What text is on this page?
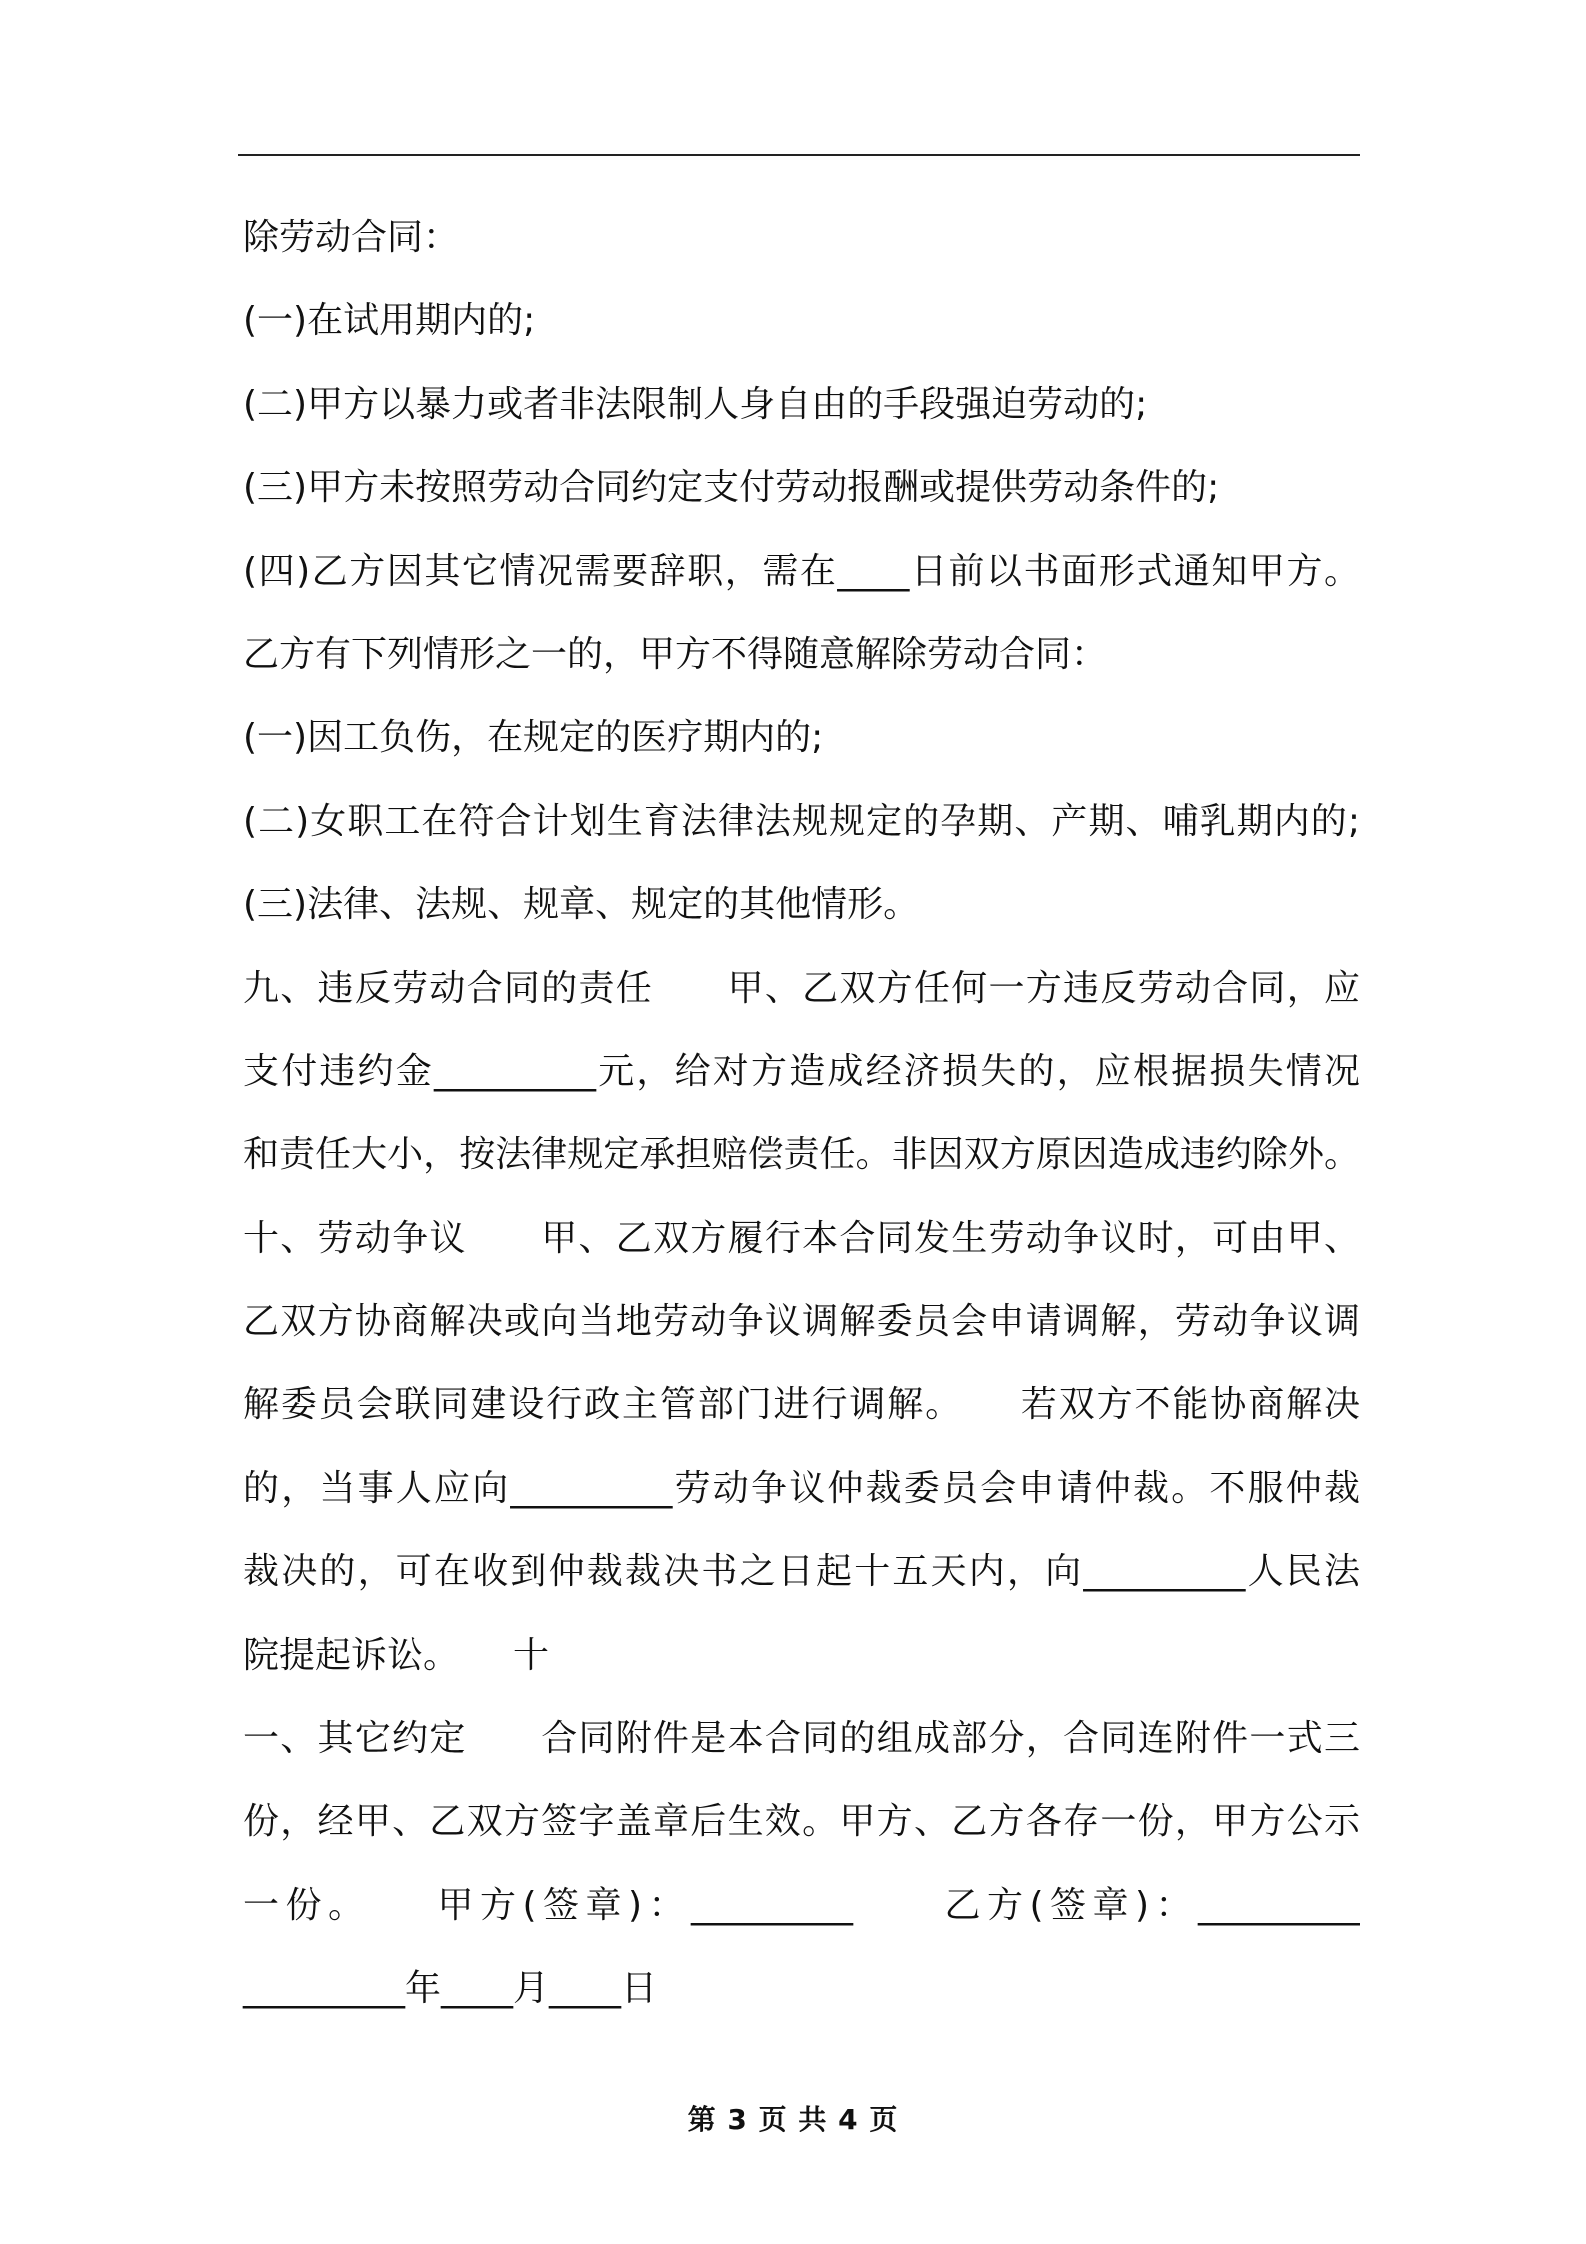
除劳动合同：
(一)在试用期内的;
(二)甲方以暴力或者非法限制人身自由的手段强迫劳动的;
(三)甲方未按照劳动合同约定支付劳动报酬或提供劳动条件的;
(四)乙方因其它情况需要辞职，需在____日前以书面形式通知甲方。
乙方有下列情形之一的，甲方不得随意解除劳动合同：
(一)因工负伤，在规定的医疗期内的;
(二)女职工在符合计划生育法律法规规定的孕期、产期、哺乳期内的;
(三)法律、法规、规章、规定的其他情形。
九、违反劳动合同的责任　　甲、乙双方任何一方违反劳动合同，应
支付违约金_________元，给对方造成经济损失的，应根据损失情况
和责任大小，按法律规定承担赔偿责任。非因双方原因造成违约除外。
十、劳动争议　　甲、乙双方履行本合同发生劳动争议时，可由甲、
乙双方协商解决或向当地劳动争议调解委员会申请调解，劳动争议调
解委员会联同建设行政主管部门进行调解。　　若双方不能协商解决
的，当事人应向_________劳动争议仲裁委员会申请仲裁。不服仲裁
裁决的，可在收到仲裁裁决书之日起十五天内，向_________人民法
院提起诉讼。　　十
一、其它约定　　合同附件是本合同的组成部分，合同连附件一式三
份，经甲、乙双方签字盖章后生效。甲方、乙方各存一份，甲方公示
一份。　　甲方(签章)：_________　　乙方(签章)：_________
_________年____月____日
第 3 页 共 4 页
